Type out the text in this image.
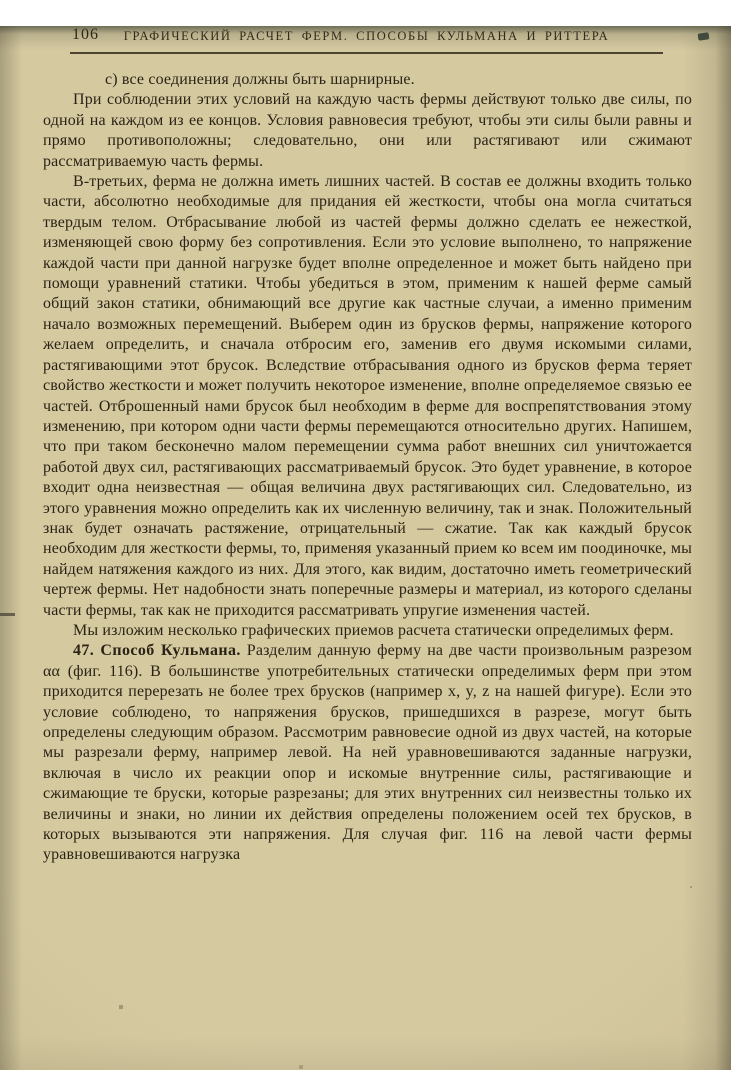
106 ГРАФИЧЕСКИЙ РАСЧЕТ ФЕРМ. СПОСОБЫ КУЛЬМАНА И РИТТЕРА

с) все соединения должны быть шарнирные.

При соблюдении этих условий на каждую часть фермы действуют только две силы, по одной на каждом из ее концов. Условия равновесия требуют, чтобы эти силы были равны и прямо противоположны; следовательно, они или растягивают или сжимают рассматриваемую часть фермы.

В-третьих, ферма не должна иметь лишних частей. В состав ее должны входить только части, абсолютно необходимые для придания ей жесткости, чтобы она могла считаться твердым телом. Отбрасывание любой из частей фермы должно сделать ее нежесткой, изменяющей свою форму без сопротивления. Если это условие выполнено, то напряжение каждой части при данной нагрузке будет вполне определенное и может быть найдено при помощи уравнений статики. Чтобы убедиться в этом, применим к нашей ферме самый общий закон статики, обнимающий все другие как частные случаи, а именно применим начало возможных перемещений. Выберем один из брусков фермы, напряжение которого желаем определить, и сначала отбросим его, заменив его двумя искомыми силами, растягивающими этот брусок. Вследствие отбрасывания одного из брусков ферма теряет свойство жесткости и может получить некоторое изменение, вполне определяемое связью ее частей. Отброшенный нами брусок был необходим в ферме для воспрепятствования этому изменению, при котором одни части фермы перемещаются относительно других. Напишем, что при таком бесконечно малом перемещении сумма работ внешних сил уничтожается работой двух сил, растягивающих рассматриваемый брусок. Это будет уравнение, в которое входит одна неизвестная — общая величина двух растягивающих сил. Следовательно, из этого уравнения можно определить как их численную величину, так и знак. Положительный знак будет означать растяжение, отрицательный — сжатие. Так как каждый брусок необходим для жесткости фермы, то, применяя указанный прием ко всем им поодиночке, мы найдем натяжения каждого из них. Для этого, как видим, достаточно иметь геометрический чертеж фермы. Нет надобности знать поперечные размеры и материал, из которого сделаны части фермы, так как не приходится рассматривать упругие изменения частей.

Мы изложим несколько графических приемов расчета статически определимых ферм.

47. Способ Кульмана. Разделим данную ферму на две части произвольным разрезом αα (фиг. 116). В большинстве употребительных статически определимых ферм при этом приходится перерезать не более трех брусков (например x, y, z на нашей фигуре). Если это условие соблюдено, то напряжения брусков, пришедшихся в разрезе, могут быть определены следующим образом. Рассмотрим равновесие одной из двух частей, на которые мы разрезали ферму, например левой. На ней уравновешиваются заданные нагрузки, включая в число их реакции опор и искомые внутренние силы, растягивающие и сжимающие те бруски, которые разрезаны; для этих внутренних сил неизвестны только их величины и знаки, но линии их действия определены положением осей тех брусков, в которых вызываются эти напряжения. Для случая фиг. 116 на левой части фермы уравновешиваются нагрузка
